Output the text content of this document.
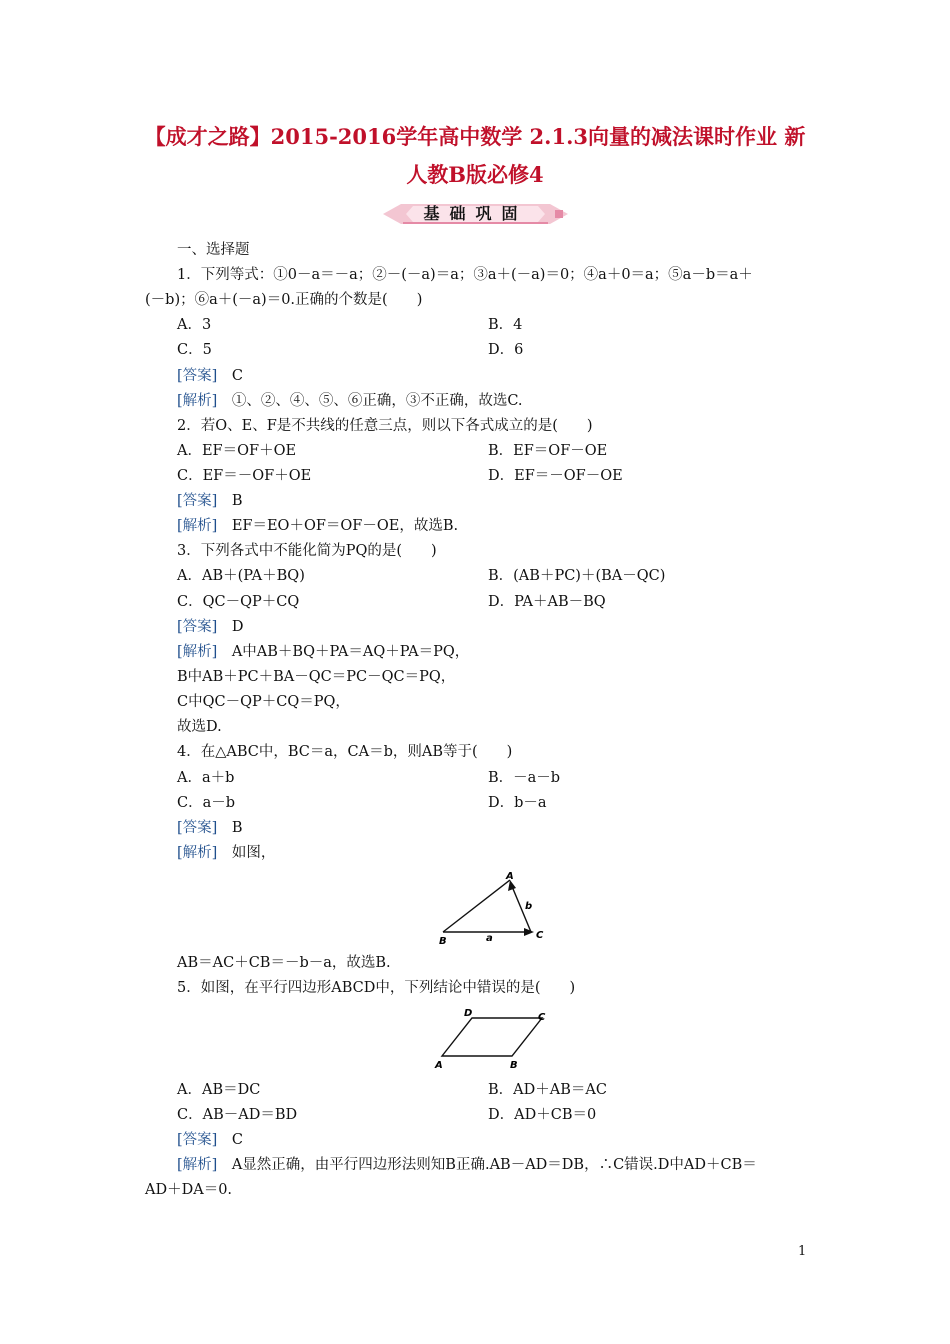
【成才之路】2015-2016学年高中数学 2.1.3向量的减法课时作业 新
人教B版必修4
基础巩固
一、选择题
1．下列等式：①0－a＝－a；②－(－a)＝a；③a＋(－a)＝0；④a＋0＝a；⑤a－b＝a＋
(－b)；⑥a＋(－a)＝0.正确的个数是(　　)
A．3	B．4
C．5	D．6
[答案]　 C
[解析]　 ①、②、④、⑤、⑥正确，③不正确，故选C.
2．若O、E、F是不共线的任意三点，则以下各式成立的是(　　)
A．EF＝OF＋OE	B．EF＝OF－OE
C．EF＝－OF＋OE	D．EF＝－OF－OE
[答案]　 B
[解析]　 EF＝EO＋OF＝OF－OE，故选B.
3．下列各式中不能化简为PQ的是(　　)
A．AB＋(PA＋BQ)	B．(AB＋PC)＋(BA－QC)
C．QC－QP＋CQ	D．PA＋AB－BQ
[答案]　 D
[解析]　 A中AB＋BQ＋PA＝AQ＋PA＝PQ，
B中AB＋PC＋BA－QC＝PC－QC＝PQ，
C中QC－QP＋CQ＝PQ，
故选D.
4．在△ABC中，BC＝a，CA＝b，则AB等于(　　)
A．a＋b	B．－a－b
C．a－b	D．b－a
[答案]　 B
[解析]　 如图，
A
B
C
a
b
AB＝AC＋CB＝－b－a，故选B.
5．如图，在平行四边形ABCD中，下列结论中错误的是(　　)
A	B
C
D
A．AB＝DC	B．AD＋AB＝AC
C．AB－AD＝BD	D．AD＋CB＝0
[答案]　 C
[解析]　 A显然正确，由平行四边形法则知B正确.AB－AD＝DB，∴C错误.D中AD＋CB＝
AD＋DA＝0.
1
